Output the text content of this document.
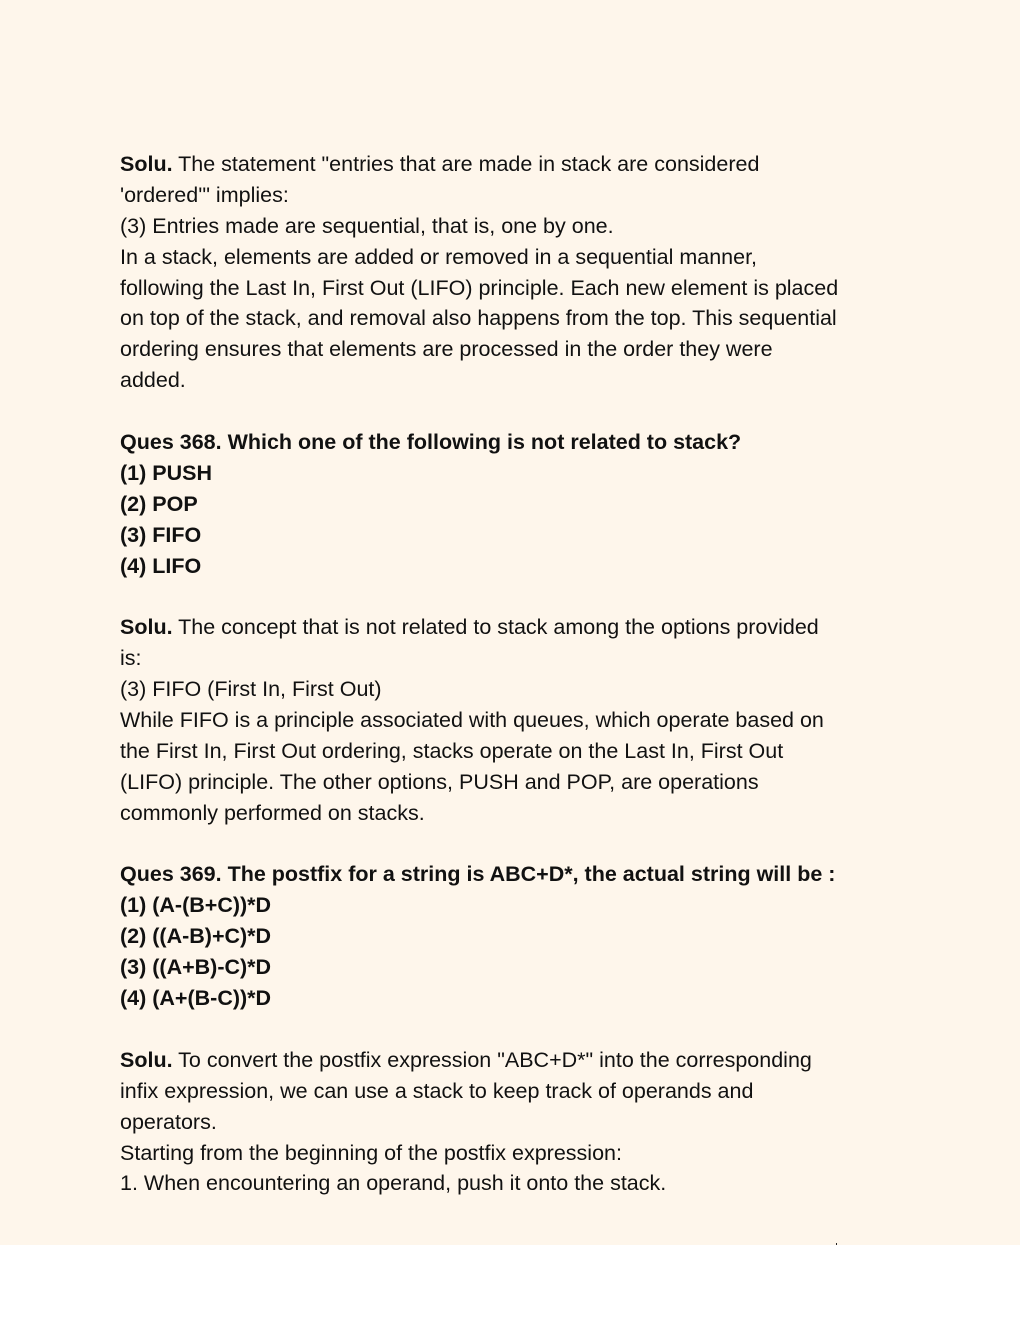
Solu. The statement "entries that are made in stack are considered
'ordered'" implies:
(3) Entries made are sequential, that is, one by one.
In a stack, elements are added or removed in a sequential manner,
following the Last In, First Out (LIFO) principle. Each new element is placed
on top of the stack, and removal also happens from the top. This sequential
ordering ensures that elements are processed in the order they were
added.
Ques 368. Which one of the following is not related to stack?
(1) PUSH
(2) POP
(3) FIFO
(4) LIFO
Solu. The concept that is not related to stack among the options provided
is:
(3) FIFO (First In, First Out)
While FIFO is a principle associated with queues, which operate based on
the First In, First Out ordering, stacks operate on the Last In, First Out
(LIFO) principle. The other options, PUSH and POP, are operations
commonly performed on stacks.
Ques 369. The postfix for a string is ABC+D*, the actual string will be :
(1) (A-(B+C))*D
(2) ((A-B)+C)*D
(3) ((A+B)-C)*D
(4) (A+(B-C))*D
Solu. To convert the postfix expression "ABC+D*" into the corresponding
infix expression, we can use a stack to keep track of operands and
operators.
Starting from the beginning of the postfix expression:
1. When encountering an operand, push it onto the stack.
